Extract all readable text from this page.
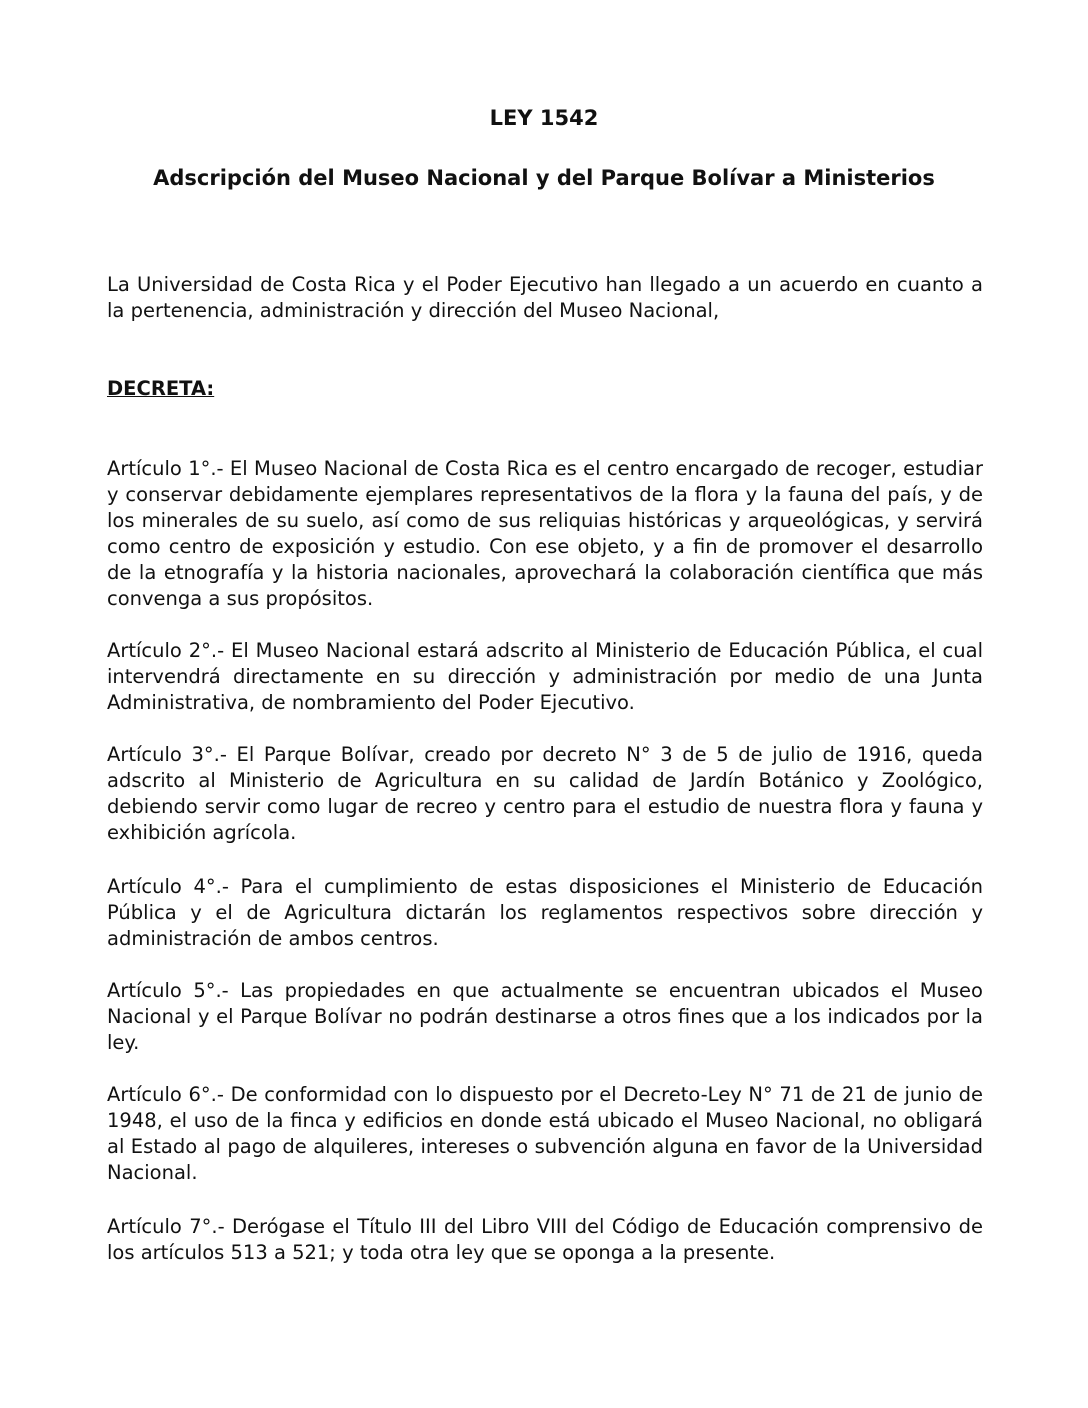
LEY 1542
Adscripción del Museo Nacional y del Parque Bolívar a Ministerios

La Universidad de Costa Rica y el Poder Ejecutivo han llegado a un acuerdo en cuanto a la pertenencia, administración y dirección del Museo Nacional,

DECRETA:

Artículo 1°.- El Museo Nacional de Costa Rica es el centro encargado de recoger, estudiar y conservar debidamente ejemplares representativos de la flora y la fauna del país, y de los minerales de su suelo, así como de sus reliquias históricas y arqueológicas, y servirá como centro de exposición y estudio. Con ese objeto, y a fin de promover el desarrollo de la etnografía y la historia nacionales, aprovechará la colaboración científica que más convenga a sus propósitos.

Artículo 2°.- El Museo Nacional estará adscrito al Ministerio de Educación Pública, el cual intervendrá directamente en su dirección y administración por medio de una Junta Administrativa, de nombramiento del Poder Ejecutivo.

Artículo 3°.- El Parque Bolívar, creado por decreto N° 3 de 5 de julio de 1916, queda adscrito al Ministerio de Agricultura en su calidad de Jardín Botánico y Zoológico, debiendo servir como lugar de recreo y centro para el estudio de nuestra flora y fauna y exhibición agrícola.

Artículo 4°.- Para el cumplimiento de estas disposiciones el Ministerio de Educación Pública y el de Agricultura dictarán los reglamentos respectivos sobre dirección y administración de ambos centros.

Artículo 5°.- Las propiedades en que actualmente se encuentran ubicados el Museo Nacional y el Parque Bolívar no podrán destinarse a otros fines que a los indicados por la ley.

Artículo 6°.- De conformidad con lo dispuesto por el Decreto-Ley N° 71 de 21 de junio de 1948, el uso de la finca y edificios en donde está ubicado el Museo Nacional, no obligará al Estado al pago de alquileres, intereses o subvención alguna en favor de la Universidad Nacional.

Artículo 7°.- Derógase el Título III del Libro VIII del Código de Educación comprensivo de los artículos 513 a 521; y toda otra ley que se oponga a la presente.
